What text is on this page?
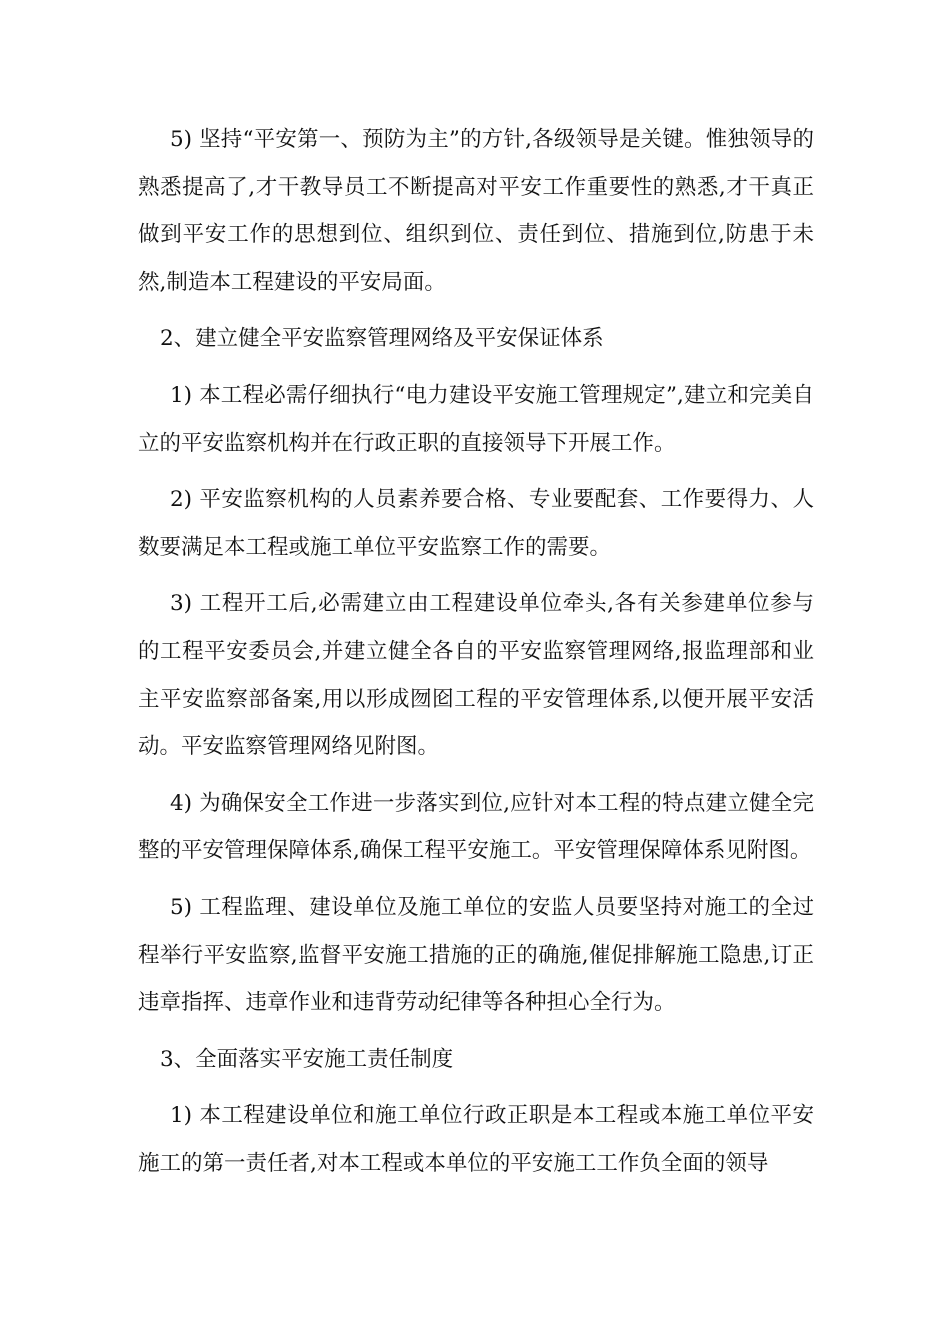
5) 坚持“平安第一、预防为主”的方针,各级领导是关键。惟独领导的熟悉提高了,才干教导员工不断提高对平安工作重要性的熟悉,才干真正做到平安工作的思想到位、组织到位、责任到位、措施到位,防患于未然,制造本工程建设的平安局面。

2、建立健全平安监察管理网络及平安保证体系

1) 本工程必需仔细执行“电力建设平安施工管理规定”,建立和完美自立的平安监察机构并在行政正职的直接领导下开展工作。

2) 平安监察机构的人员素养要合格、专业要配套、工作要得力、人数要满足本工程或施工单位平安监察工作的需要。

3) 工程开工后,必需建立由工程建设单位牵头,各有关参建单位参与的工程平安委员会,并建立健全各自的平安监察管理网络,报监理部和业主平安监察部备案,用以形成囫囵工程的平安管理体系,以便开展平安活动。平安监察管理网络见附图。

4) 为确保安全工作进一步落实到位,应针对本工程的特点建立健全完整的平安管理保障体系,确保工程平安施工。平安管理保障体系见附图。

5) 工程监理、建设单位及施工单位的安监人员要坚持对施工的全过程举行平安监察,监督平安施工措施的正的确施,催促排解施工隐患,订正违章指挥、违章作业和违背劳动纪律等各种担心全行为。

3、全面落实平安施工责任制度

1) 本工程建设单位和施工单位行政正职是本工程或本施工单位平安施工的第一责任者,对本工程或本单位的平安施工工作负全面的领导
